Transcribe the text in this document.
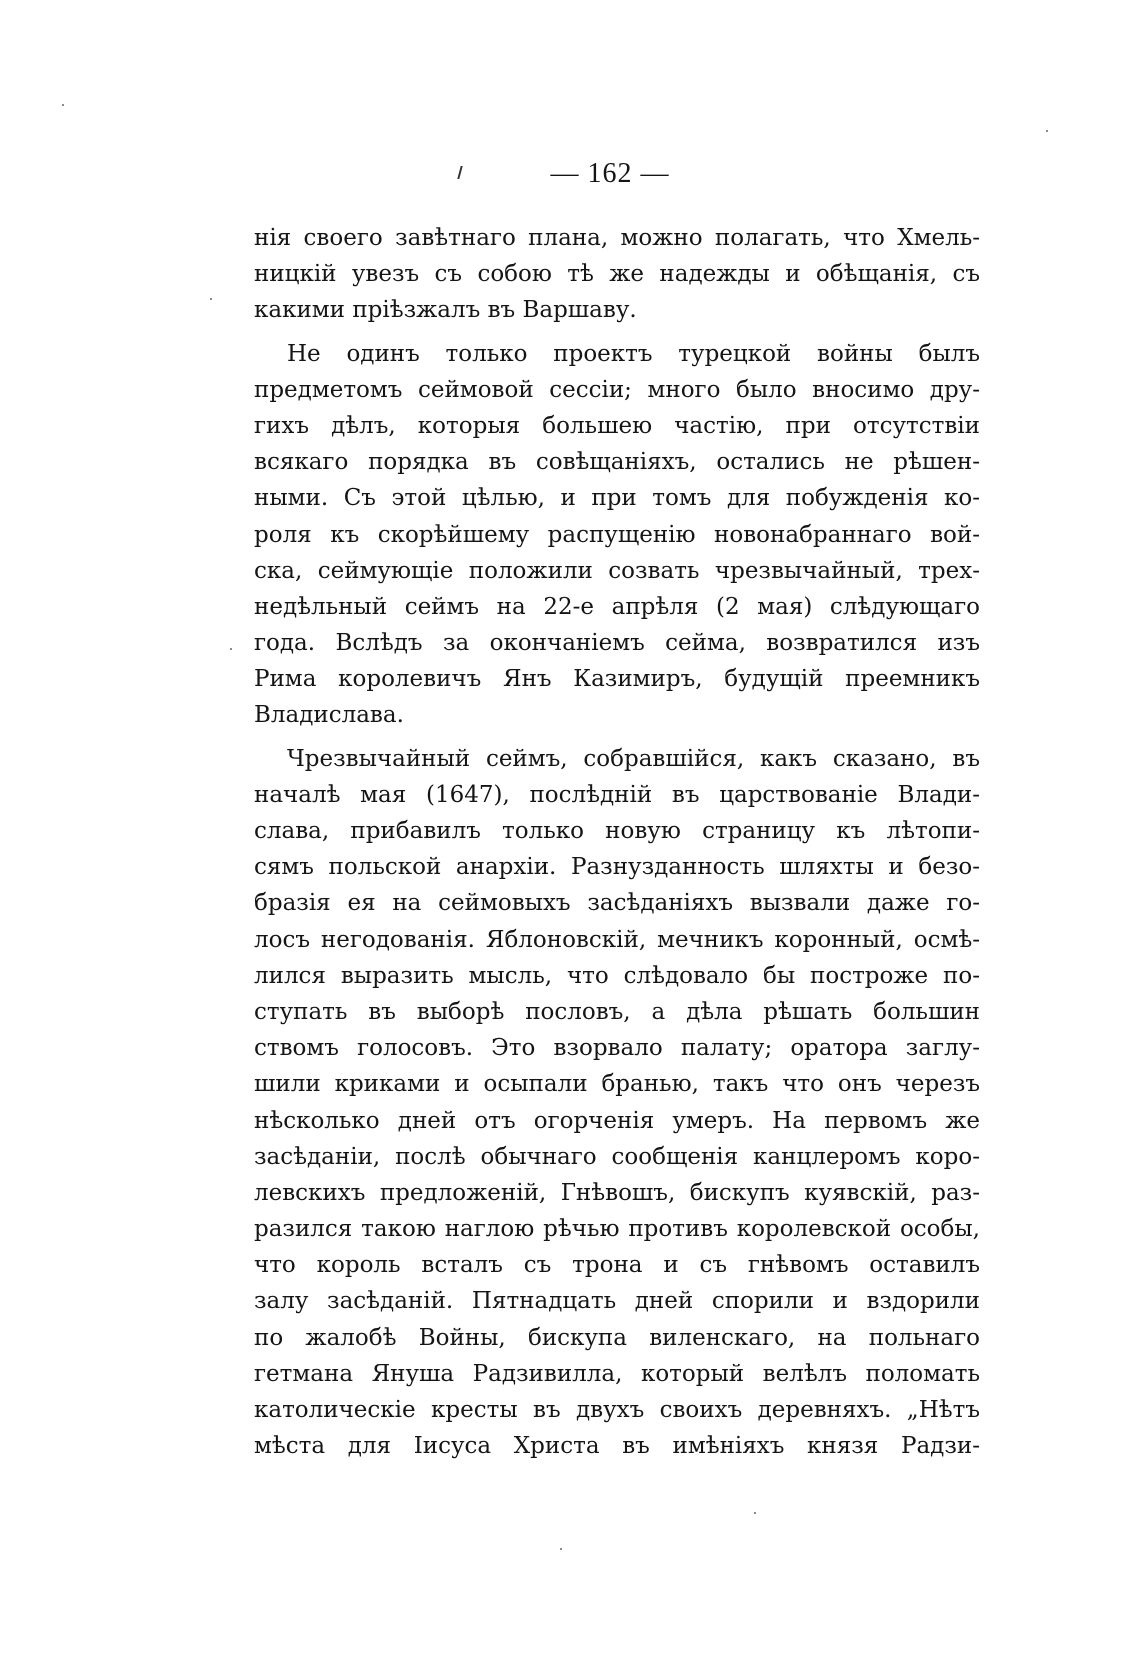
— 162 —
нія своего завѣтнаго плана, можно полагать, что Хмель-
ницкій увезъ съ собою тѣ же надежды и обѣщанія, съ
какими пріѣзжалъ въ Варшаву.
Не одинъ только проектъ турецкой войны былъ
предметомъ сеймовой сессіи; много было вносимо дру-
гихъ дѣлъ, которыя большею частію, при отсутствіи
всякаго порядка въ совѣщаніяхъ, остались не рѣшен-
ными. Съ этой цѣлью, и при томъ для побужденія ко-
роля къ скорѣйшему распущенію новонабраннаго вой-
ска, сеймующіе положили созвать чрезвычайный, трех-
недѣльный сеймъ на 22-е апрѣля (2 мая) слѣдующаго
года. Вслѣдъ за окончаніемъ сейма, возвратился изъ
Рима королевичъ Янъ Казимиръ, будущій преемникъ
Владислава.
Чрезвычайный сеймъ, собравшійся, какъ сказано, въ
началѣ мая (1647), послѣдній въ царствованіе Влади-
слава, прибавилъ только новую страницу къ лѣтопи-
сямъ польской анархіи. Разнузданность шляхты и безо-
бразія ея на сеймовыхъ засѣданіяхъ вызвали даже го-
лосъ негодованія. Яблоновскій, мечникъ коронный, осмѣ-
лился выразить мысль, что слѣдовало бы построже по-
ступать въ выборѣ пословъ, а дѣла рѣшать большин
ствомъ голосовъ. Это взорвало палату; оратора заглу-
шили криками и осыпали бранью, такъ что онъ черезъ
нѣсколько дней отъ огорченія умеръ. На первомъ же
засѣданіи, послѣ обычнаго сообщенія канцлеромъ коро-
левскихъ предложеній, Гнѣвошъ, бискупъ куявскій, раз-
разился такою наглою рѣчью противъ королевской особы,
что король всталъ съ трона и съ гнѣвомъ оставилъ
залу засѣданій. Пятнадцать дней спорили и вздорили
по жалобѣ Войны, бискупа виленскаго, на польнаго
гетмана Януша Радзивилла, который велѣлъ поломать
католическіе кресты въ двухъ своихъ деревняхъ. „Нѣтъ
мѣста для Іисуса Христа въ имѣніяхъ князя Радзи-
